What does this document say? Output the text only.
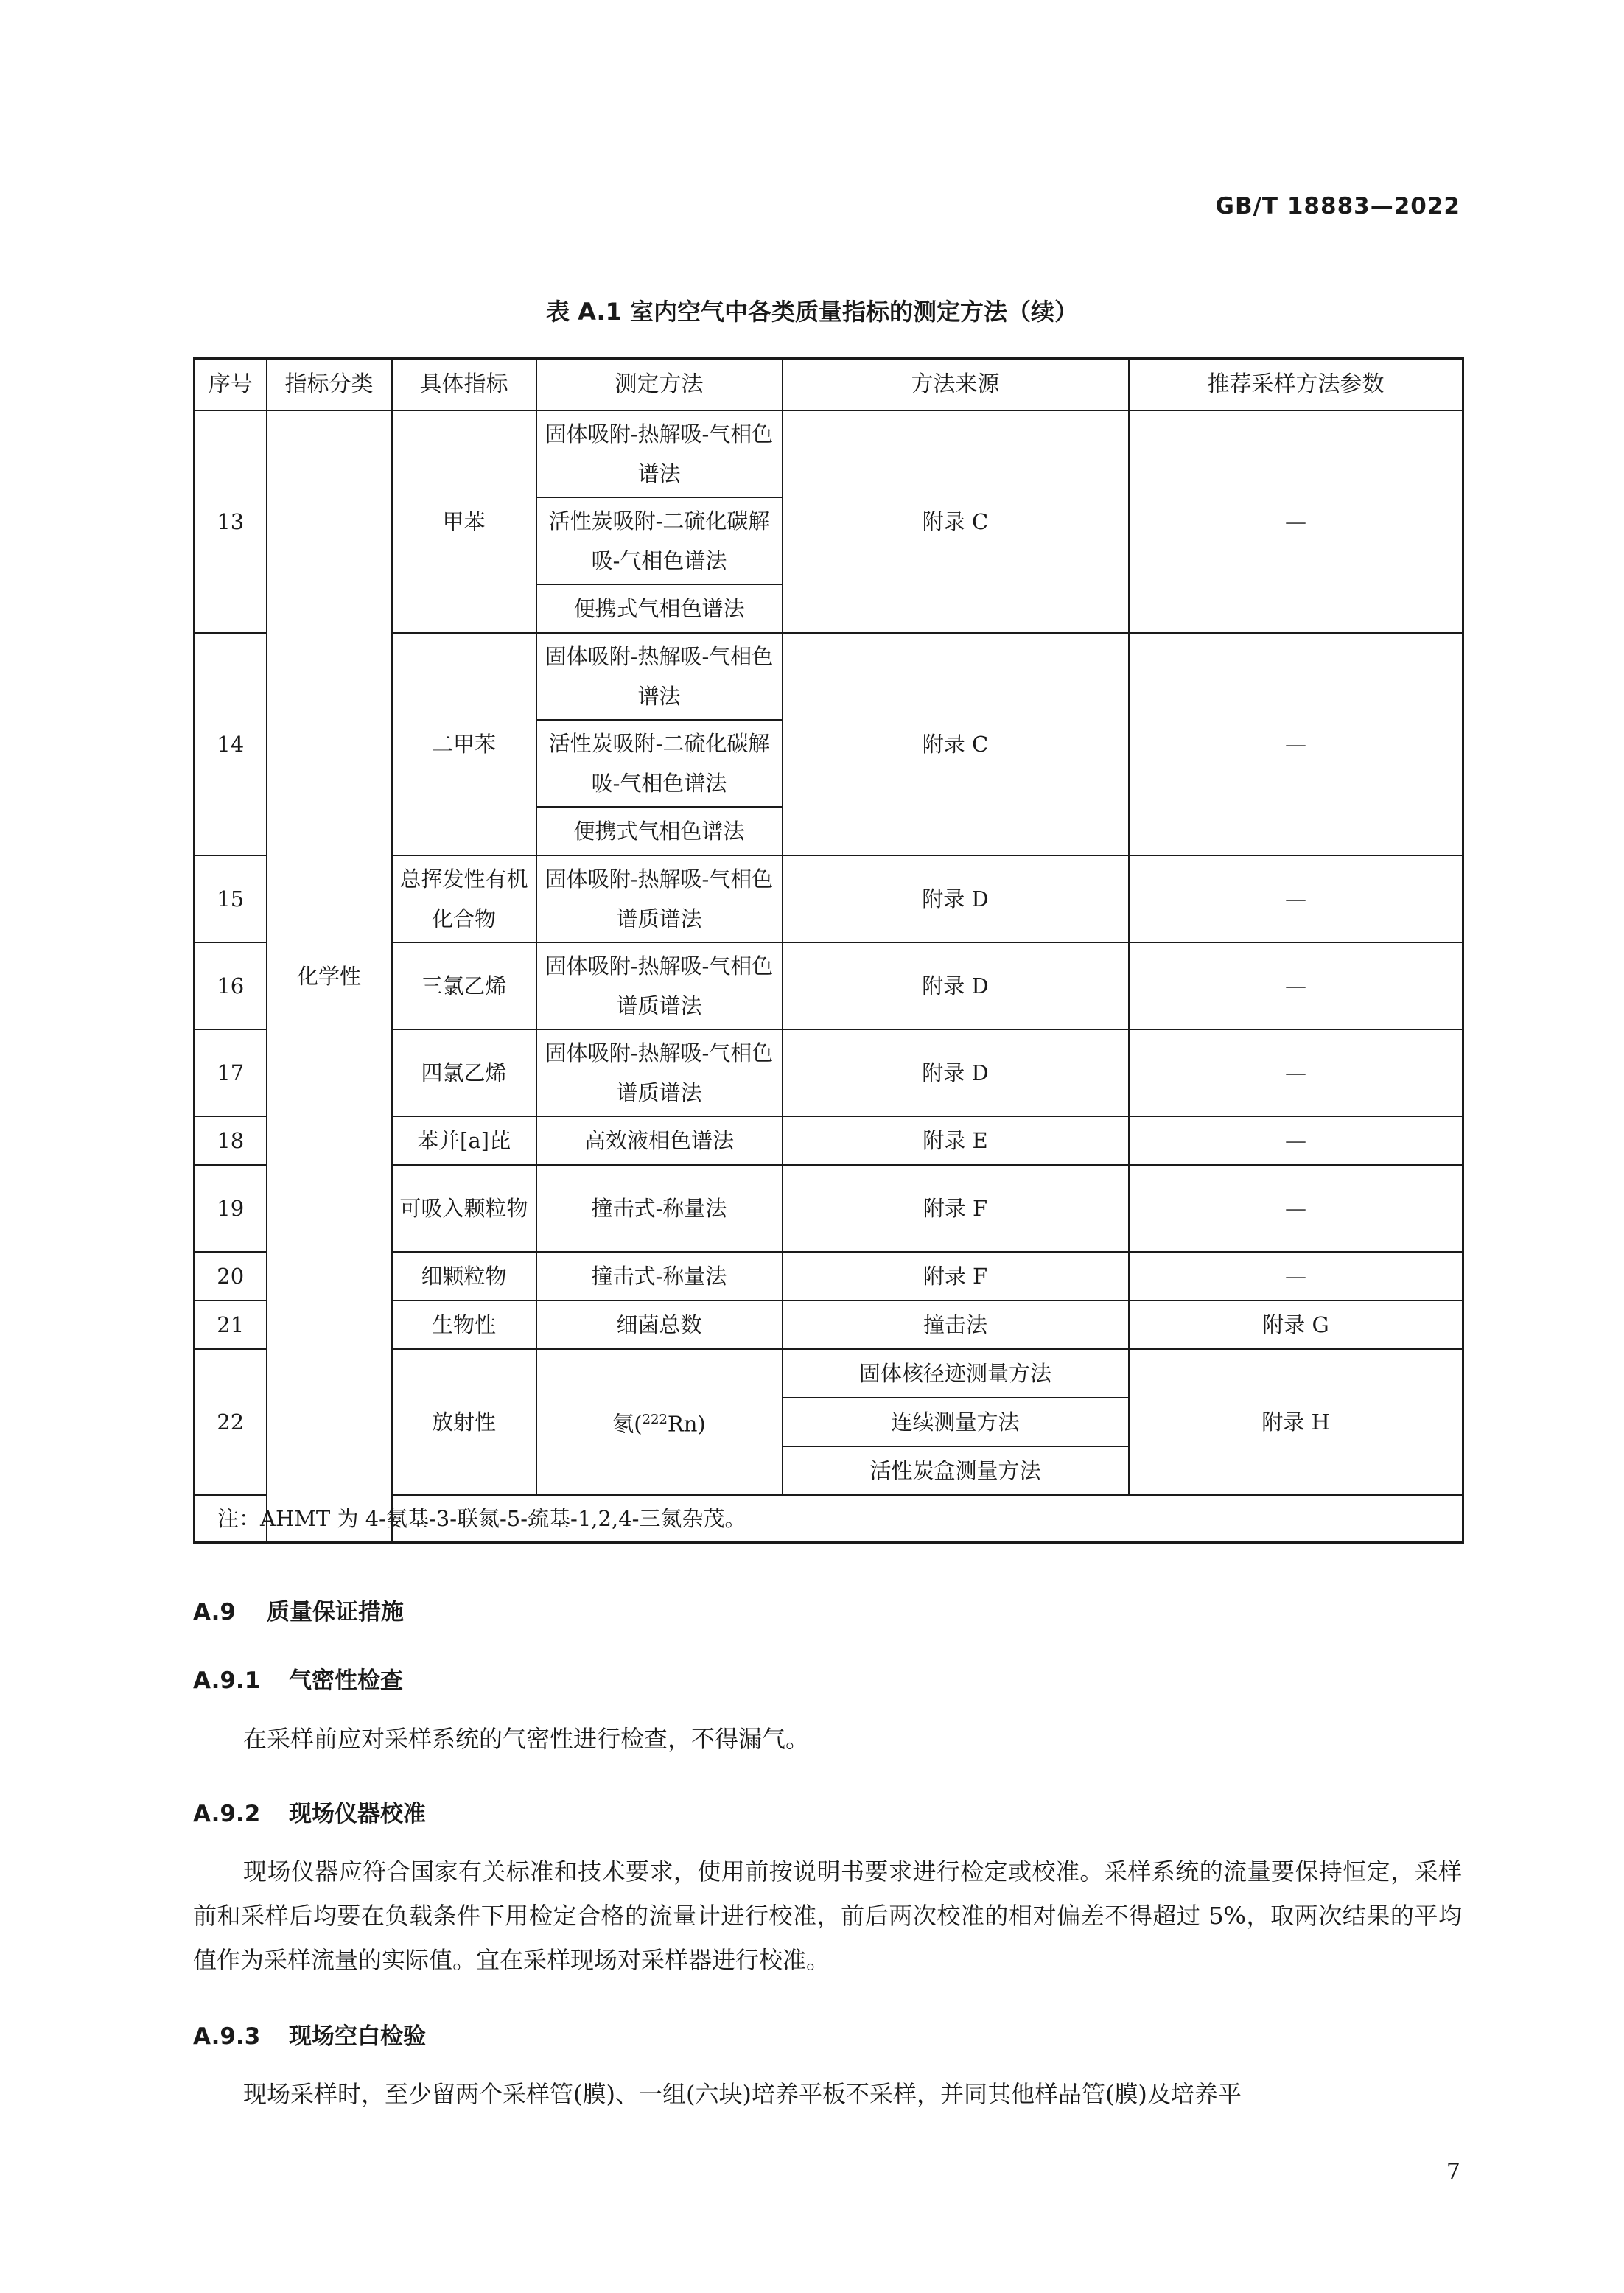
GB/T 18883—2022
表 A.1 室内空气中各类质量指标的测定方法（续）
序号	指标分类	具体指标	测定方法	方法来源	推荐采样方法参数	
13	化学性	甲苯	固体吸附-热解吸-气相色谱法	附录 C	—	
			活性炭吸附-二硫化碳解吸-气相色谱法			
			便携式气相色谱法			
14		二甲苯	固体吸附-热解吸-气相色谱法	附录 C	—	
			活性炭吸附-二硫化碳解吸-气相色谱法			
			便携式气相色谱法			
15		总挥发性有机化合物	固体吸附-热解吸-气相色谱质谱法	附录 D	—	
16		三氯乙烯	固体吸附-热解吸-气相色谱质谱法	附录 D	—	
17		四氯乙烯	固体吸附-热解吸-气相色谱质谱法	附录 D	—	
18		苯并[a]芘	高效液相色谱法	附录 E	—	
19		可吸入颗粒物	撞击式-称量法	附录 F	—	
20		细颗粒物	撞击式-称量法	附录 F	—	
21		生物性	细菌总数	撞击法	附录 G	
22		放射性	氡($^{222}$Rn)	固体核径迹测量方法	附录 H	
				连续测量方法		
				活性炭盒测量方法		
注：AHMT 为 4-氨基-3-联氮-5-巯基-1,2,4-三氮杂茂。						
A.9 质量保证措施
A.9.1 气密性检查

在采样前应对采样系统的气密性进行检查，不得漏气。

A.9.2 现场仪器校准

现场仪器应符合国家有关标准和技术要求，使用前按说明书要求进行检定或校准。采样系统的流量要保持恒定，采样前和采样后均要在负载条件下用检定合格的流量计进行校准，前后两次校准的相对偏差不得超过 5%，取两次结果的平均值作为采样流量的实际值。宜在采样现场对采样器进行校准。

A.9.3 现场空白检验

现场采样时，至少留两个采样管(膜)、一组(六块)培养平板不采样，并同其他样品管(膜)及培养平

7
